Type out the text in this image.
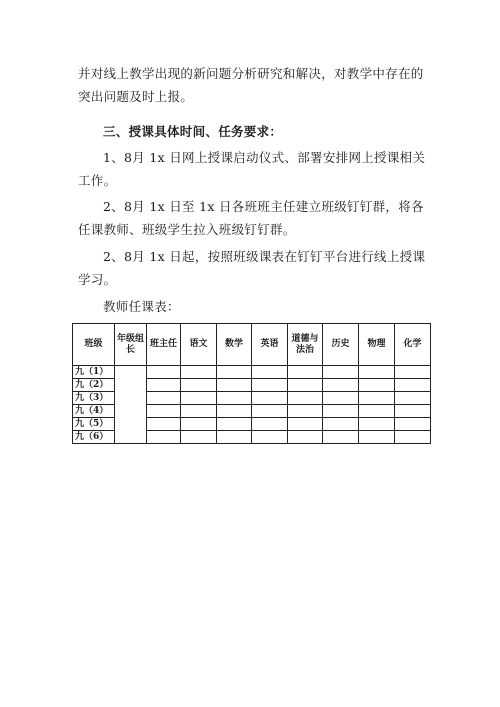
并对线上教学出现的新问题分析研究和解决，对教学中存在的突出问题及时上报。

三、授课具体时间、任务要求：

1、8月 1x 日网上授课启动仪式、部署安排网上授课相关工作。

2、8月 1x 日至 1x 日各班班主任建立班级钉钉群，将各任课教师、班级学生拉入班级钉钉群。

2、8月 1x 日起，按照班级课表在钉钉平台进行线上授课学习。

教师任课表：

班级	年级组长	班主任	语文	数学	英语	道德与法治	历史	物理	化学
九（1）									
九（2）									
九（3）									
九（4）									
九（5）									
九（6）									
